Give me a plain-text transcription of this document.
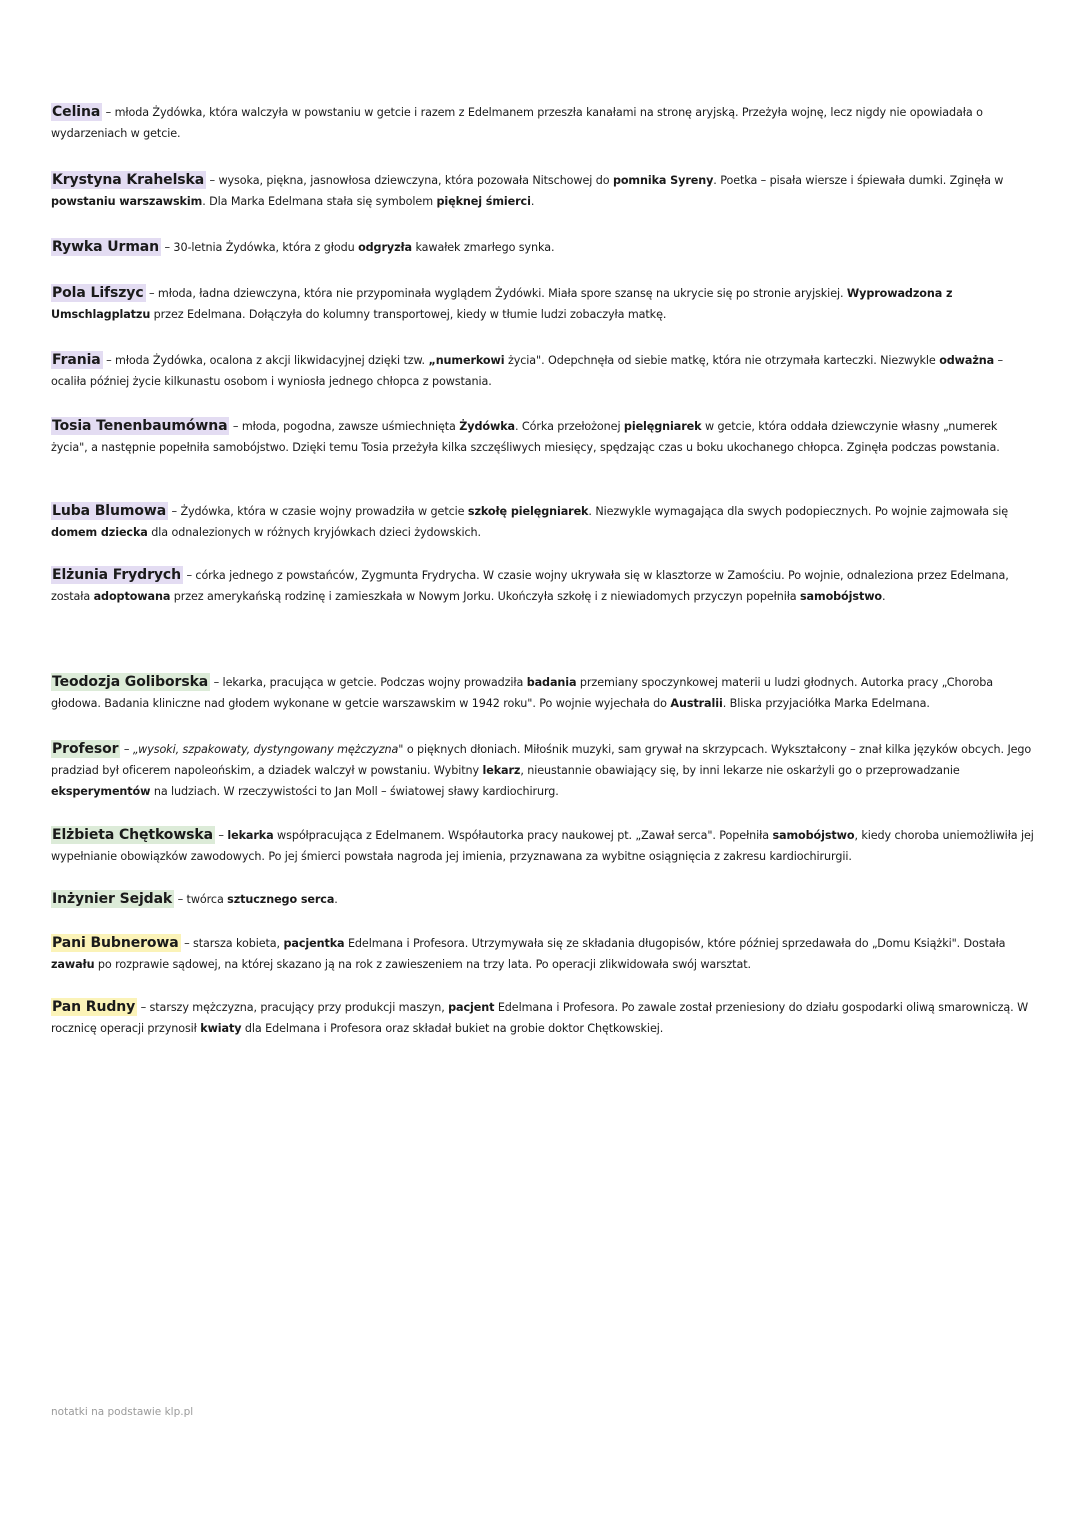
Celina – młoda Żydówka, która walczyła w powstaniu w getcie i razem z Edelmanem przeszła kanałami na stronę aryjską. Przeżyła wojnę, lecz nigdy nie opowiadała o wydarzeniach w getcie.
Krystyna Krahelska – wysoka, piękna, jasnowłosa dziewczyna, która pozowała Nitschowej do pomnika Syreny. Poetka – pisała wiersze i śpiewała dumki. Zginęła w powstaniu warszawskim. Dla Marka Edelmana stała się symbolem pięknej śmierci.
Rywka Urman – 30-letnia Żydówka, która z głodu odgryzła kawałek zmarłego synka.
Pola Lifszyc – młoda, ładna dziewczyna, która nie przypominała wyglądem Żydówki. Miała spore szansę na ukrycie się po stronie aryjskiej. Wyprowadzona z Umschlagplatzu przez Edelmana. Dołączyła do kolumny transportowej, kiedy w tłumie ludzi zobaczyła matkę.
Frania – młoda Żydówka, ocalona z akcji likwidacyjnej dzięki tzw. „numerkowi życia". Odepchnęła od siebie matkę, która nie otrzymała karteczki. Niezwykle odważna – ocaliła później życie kilkunastu osobom i wyniosła jednego chłopca z powstania.
Tosia Tenenbaumówna – młoda, pogodna, zawsze uśmiechnięta Żydówka. Córka przełożonej pielęgniarek w getcie, która oddała dziewczynie własny „numerek życia", a następnie popełniła samobójstwo. Dzięki temu Tosia przeżyła kilka szczęśliwych miesięcy, spędzając czas u boku ukochanego chłopca. Zginęła podczas powstania.
Luba Blumowa – Żydówka, która w czasie wojny prowadziła w getcie szkołę pielęgniarek. Niezwykle wymagająca dla swych podopiecznych. Po wojnie zajmowała się domem dziecka dla odnalezionych w różnych kryjówkach dzieci żydowskich.
Elżunia Frydrych – córka jednego z powstańców, Zygmunta Frydrycha. W czasie wojny ukrywała się w klasztorze w Zamościu. Po wojnie, odnaleziona przez Edelmana, została adoptowana przez amerykańską rodzinę i zamieszkała w Nowym Jorku. Ukończyła szkołę i z niewiadomych przyczyn popełniła samobójstwo.
Teodozja Goliborska – lekarka, pracująca w getcie. Podczas wojny prowadziła badania przemiany spoczynkowej materii u ludzi głodnych. Autorka pracy „Choroba głodowa. Badania kliniczne nad głodem wykonane w getcie warszawskim w 1942 roku". Po wojnie wyjechała do Australii. Bliska przyjaciółka Marka Edelmana.
Profesor – „wysoki, szpakowaty, dystyngowany mężczyzna" o pięknych dłoniach. Miłośnik muzyki, sam grywał na skrzypcach. Wykształcony – znał kilka języków obcych. Jego pradziad był oficerem napoleońskim, a dziadek walczył w powstaniu. Wybitny lekarz, nieustannie obawiający się, by inni lekarze nie oskarżyli go o przeprowadzanie eksperymentów na ludziach. W rzeczywistości to Jan Moll – światowej sławy kardiochirurg.
Elżbieta Chętkowska – lekarka współpracująca z Edelmanem. Współautorka pracy naukowej pt. „Zawał serca". Popełniła samobójstwo, kiedy choroba uniemożliwiła jej wypełnianie obowiązków zawodowych. Po jej śmierci powstała nagroda jej imienia, przyznawana za wybitne osiągnięcia z zakresu kardiochirurgii.
Inżynier Sejdak – twórca sztucznego serca.
Pani Bubnerowa – starsza kobieta, pacjentka Edelmana i Profesora. Utrzymywała się ze składania długopisów, które później sprzedawała do „Domu Książki". Dostała zawału po rozprawie sądowej, na której skazano ją na rok z zawieszeniem na trzy lata. Po operacji zlikwidowała swój warsztat.
Pan Rudny – starszy mężczyzna, pracujący przy produkcji maszyn, pacjent Edelmana i Profesora. Po zawale został przeniesiony do działu gospodarki oliwą smarowniczą. W rocznicę operacji przynosił kwiaty dla Edelmana i Profesora oraz składał bukiet na grobie doktor Chętkowskiej.
notatki na podstawie klp.pl
